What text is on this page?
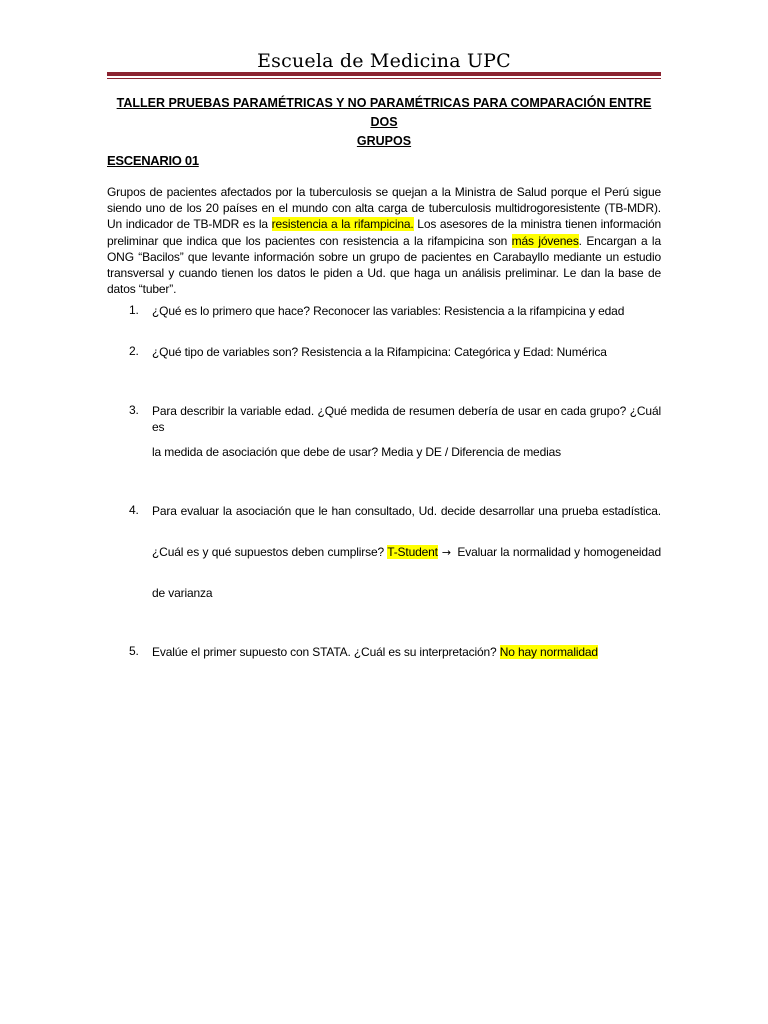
Escuela de Medicina UPC
TALLER PRUEBAS PARAMÉTRICAS Y NO PARAMÉTRICAS PARA COMPARACIÓN ENTRE DOS
GRUPOS
ESCENARIO 01
Grupos de pacientes afectados por la tuberculosis se quejan a la Ministra de Salud porque el Perú sigue siendo uno de los 20 países en el mundo con alta carga de tuberculosis multidrogoresistente (TB-MDR). Un indicador de TB-MDR es la resistencia a la rifampicina. Los asesores de la ministra tienen información preliminar que indica que los pacientes con resistencia a la rifampicina son más jóvenes. Encargan a la ONG “Bacilos” que levante información sobre un grupo de pacientes en Carabayllo mediante un estudio transversal y cuando tienen los datos le piden a Ud. que haga un análisis preliminar. Le dan la base de datos “tuber”.
1.	¿Qué es lo primero que hace? Reconocer las variables: Resistencia a la rifampicina y edad
2.	¿Qué tipo de variables son? Resistencia a la Rifampicina: Categórica y Edad: Numérica
3.	Para describir la variable edad. ¿Qué medida de resumen debería de usar en cada grupo? ¿Cuál es
la medida de asociación que debe de usar? Media y DE / Diferencia de medias
4.	Para evaluar la asociación que le han consultado, Ud. decide desarrollar una prueba estadística.
¿Cuál es y qué supuestos deben cumplirse? T-Student → Evaluar la normalidad y homogeneidad
de varianza
5.	Evalúe el primer supuesto con STATA. ¿Cuál es su interpretación? No hay normalidad
